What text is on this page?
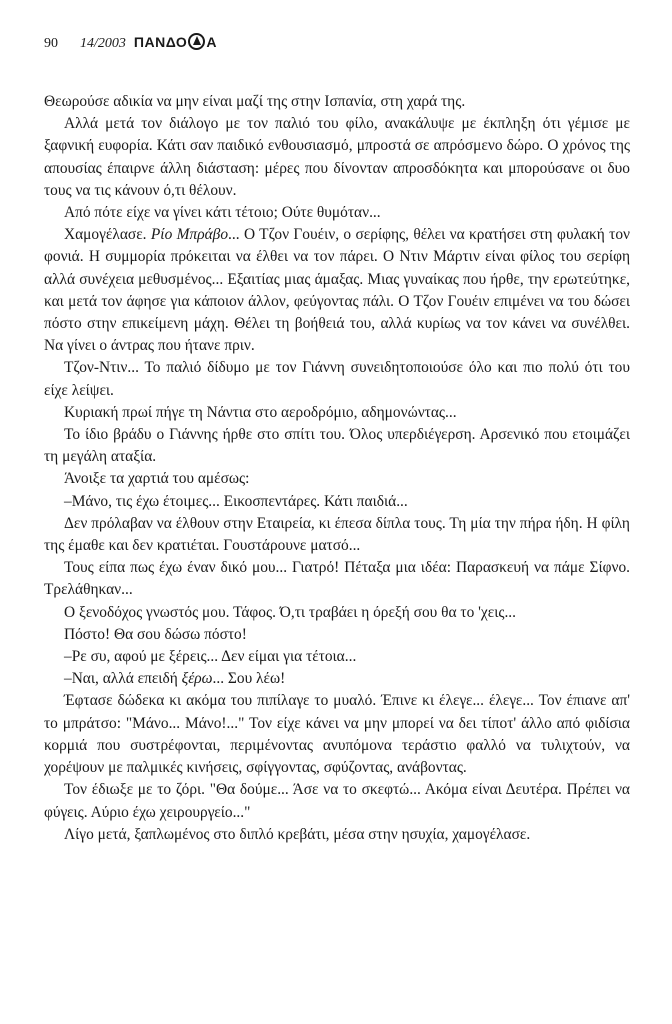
90 14/2003 ΠΑΝΔΟ Α

Θεωρούσε αδικία να μην είναι μαζί της στην Ισπανία, στη χαρά της.

Αλλά μετά τον διάλογο με τον παλιό του φίλο, ανακάλυψε με έκπληξη ότι γέμισε με ξαφνική ευφορία. Κάτι σαν παιδικό ενθουσιασμό, μπροστά σε απρόσμενο δώρο. Ο χρόνος της απουσίας έπαιρνε άλλη διάσταση: μέρες που δίνονταν απροσδόκητα και μπορούσανε οι δυο τους να τις κάνουν ό,τι θέλουν.

Από πότε είχε να γίνει κάτι τέτοιο; Ούτε θυμόταν...

Χαμογέλασε. Ρίο Μπράβο... Ο Τζον Γουέιν, ο σερίφης, θέλει να κρατήσει στη φυλακή τον φονιά. Η συμμορία πρόκειται να έλθει να τον πάρει. Ο Ντιν Μάρτιν είναι φίλος του σερίφη αλλά συνέχεια μεθυσμένος... Εξαιτίας μιας άμαξας. Μιας γυναίκας που ήρθε, την ερωτεύτηκε, και μετά τον άφησε για κάποιον άλλον, φεύγοντας πάλι. Ο Τζον Γουέιν επιμένει να του δώσει πόστο στην επικείμενη μάχη. Θέλει τη βοήθειά του, αλλά κυρίως να τον κάνει να συνέλθει. Να γίνει ο άντρας που ήτανε πριν.

Τζον-Ντιν... Το παλιό δίδυμο με τον Γιάννη συνειδητοποιούσε όλο και πιο πολύ ότι του είχε λείψει.

Κυριακή πρωί πήγε τη Νάντια στο αεροδρόμιο, αδημονώντας...

Το ίδιο βράδυ ο Γιάννης ήρθε στο σπίτι του. Όλος υπερδιέγερση. Αρσενικό που ετοιμάζει τη μεγάλη αταξία.

Άνοιξε τα χαρτιά του αμέσως:

–Μάνο, τις έχω έτοιμες... Εικοσπεντάρες. Κάτι παιδιά...

Δεν πρόλαβαν να έλθουν στην Εταιρεία, κι έπεσα δίπλα τους. Τη μία την πήρα ήδη. Η φίλη της έμαθε και δεν κρατιέται. Γουστάρουνε ματσό...

Τους είπα πως έχω έναν δικό μου... Γιατρό! Πέταξα μια ιδέα: Παρασκευή να πάμε Σίφνο. Τρελάθηκαν...

Ο ξενοδόχος γνωστός μου. Τάφος. Ό,τι τραβάει η όρεξή σου θα το 'χεις...

Πόστο! Θα σου δώσω πόστο!

–Ρε συ, αφού με ξέρεις... Δεν είμαι για τέτοια...

–Ναι, αλλά επειδή ξέρω... Σου λέω!

Έφτασε δώδεκα κι ακόμα του πιπίλαγε το μυαλό. Έπινε κι έλεγε... έλεγε... Τον έπιανε απ' το μπράτσο: "Μάνο... Μάνο!..." Τον είχε κάνει να μην μπορεί να δει τίποτ' άλλο από φιδίσια κορμιά που συστρέφονται, περιμένοντας ανυπόμονα τεράστιο φαλλό να τυλιχτούν, να χορέψουν με παλμικές κινήσεις, σφίγγοντας, σφύζοντας, ανάβοντας.

Τον έδιωξε με το ζόρι. "Θα δούμε... Άσε να το σκεφτώ... Ακόμα είναι Δευτέρα. Πρέπει να φύγεις. Αύριο έχω χειρουργείο..."

Λίγο μετά, ξαπλωμένος στο διπλό κρεβάτι, μέσα στην ησυχία, χαμογέλασε.
